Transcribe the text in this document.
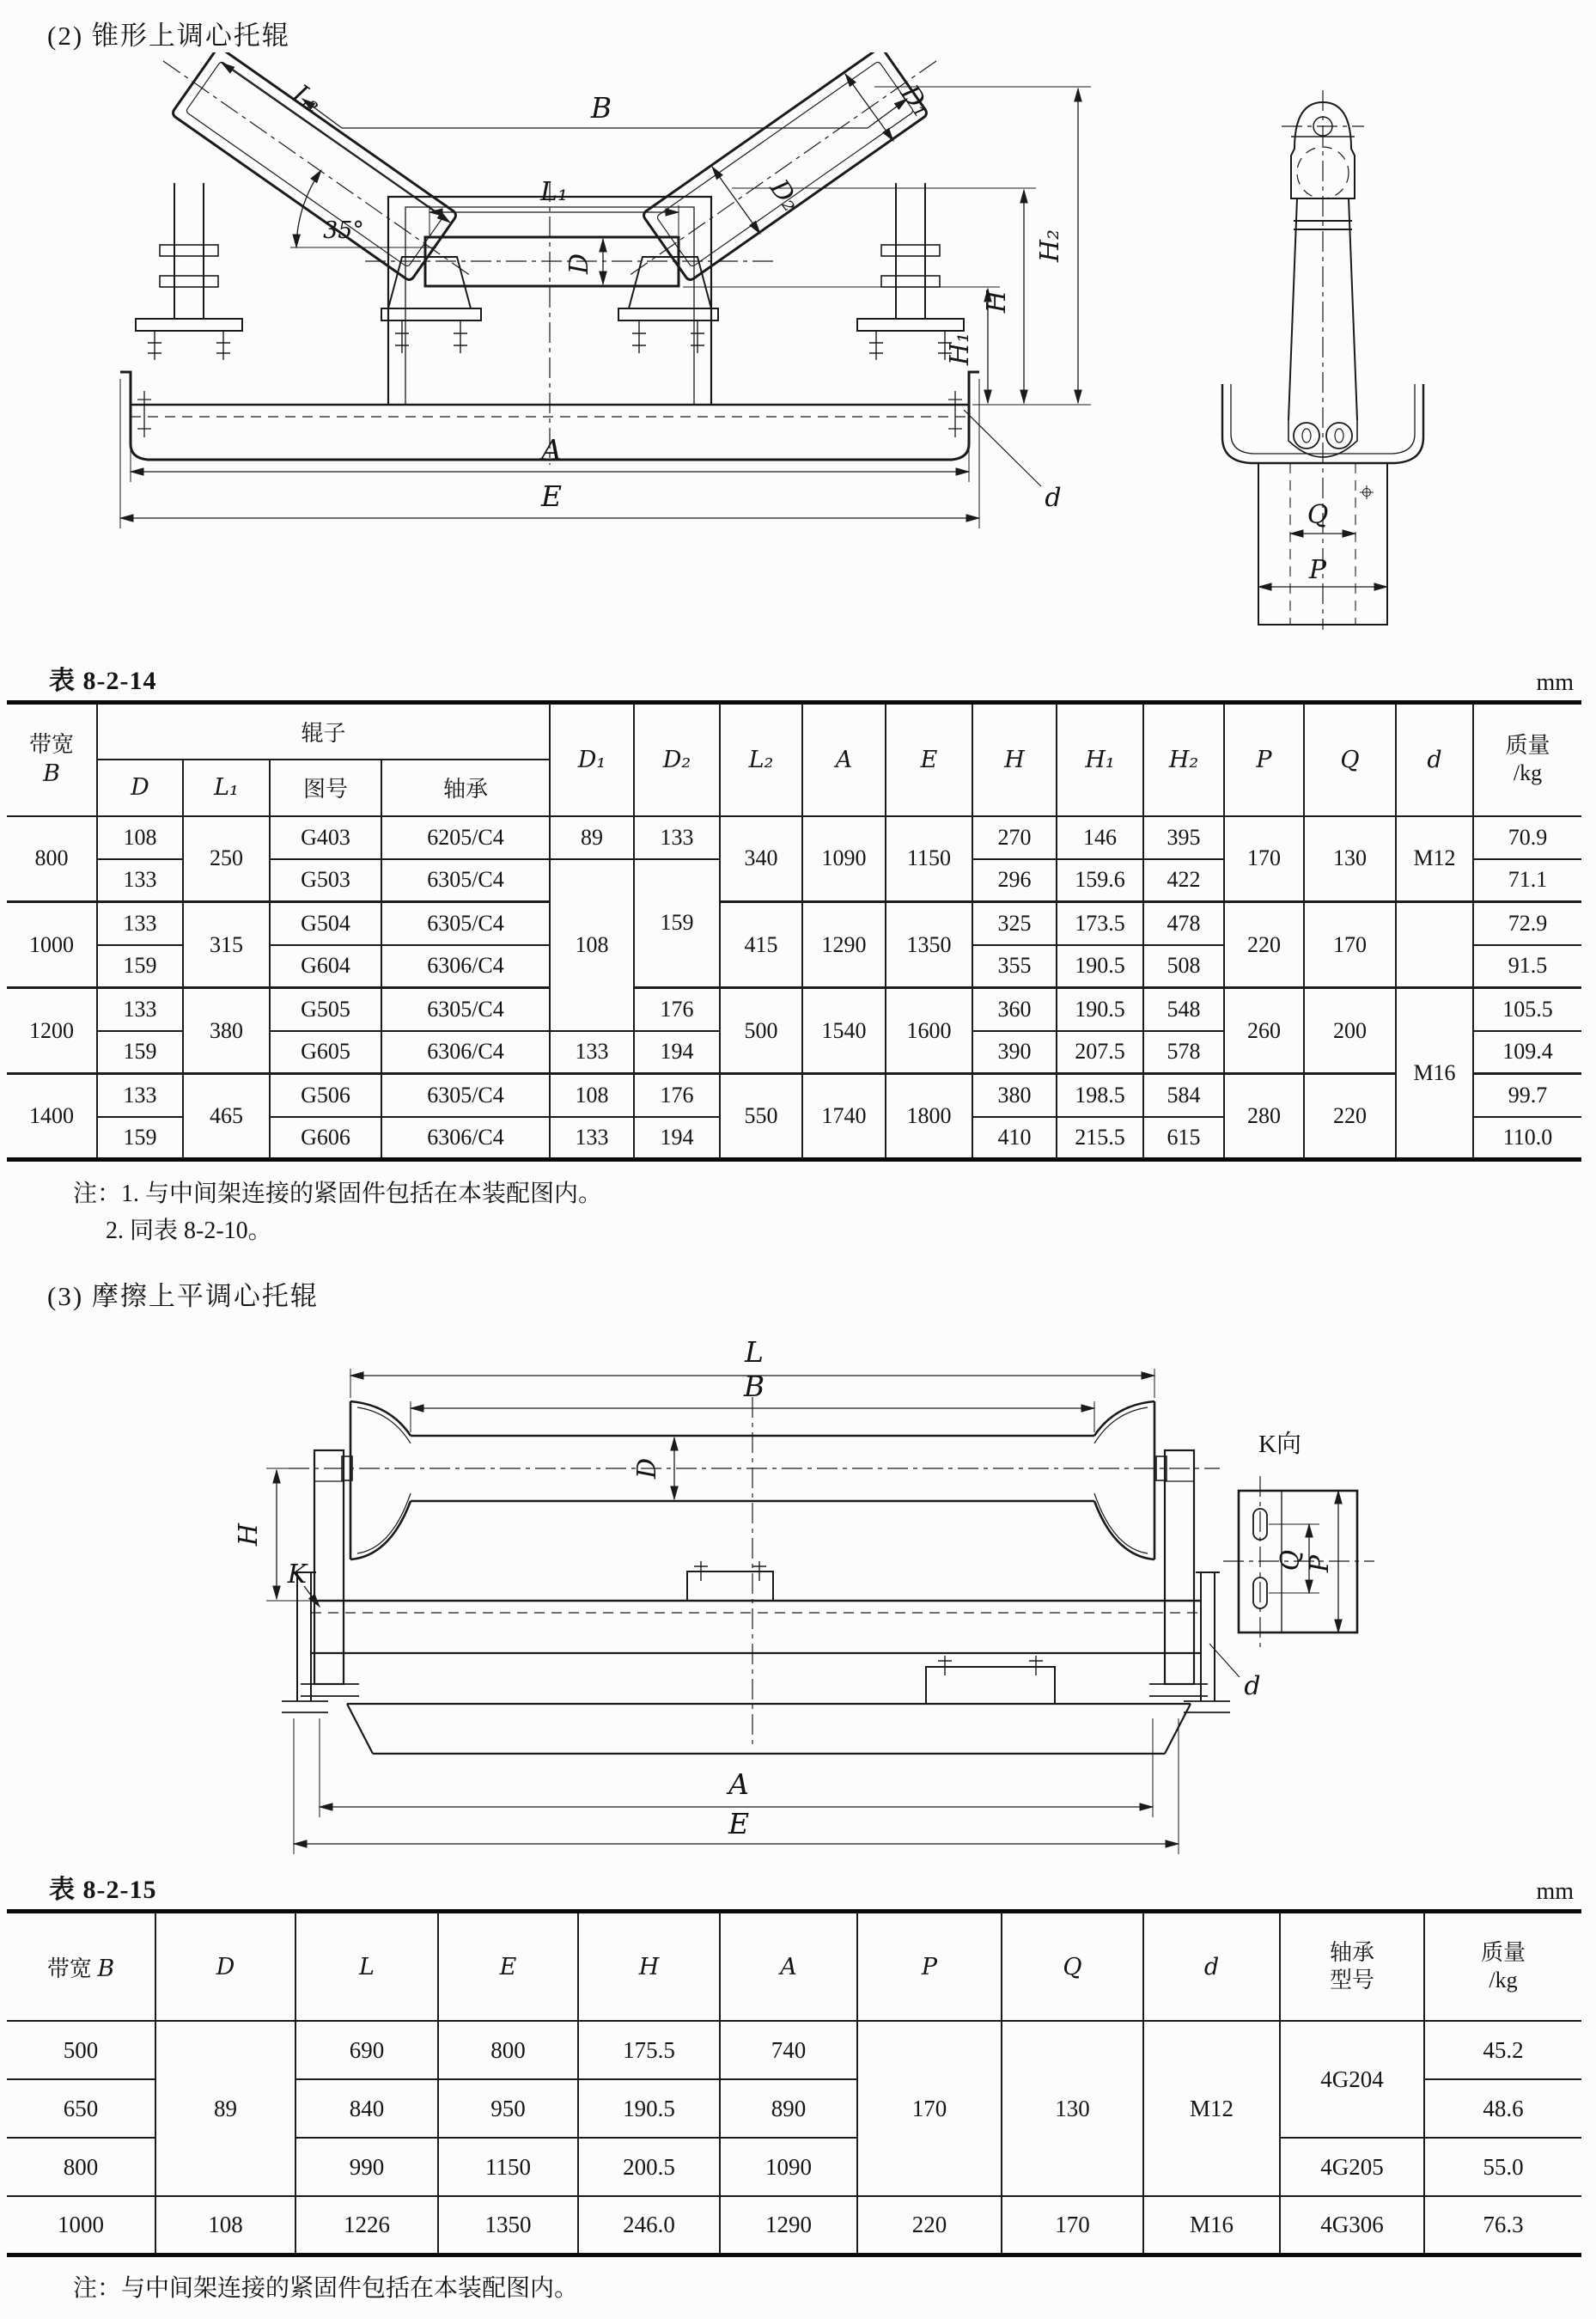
(2) 锥形上调心托辊
B
L₁
L₂
35°
D
D₁
D₂
H₂
H
H₁
A
E	d
Q
P
表 8-2-14	mm
带宽
B
	辊子	D₁	D₂	L₂	A	E	H	H₁	H₂	P	Q	d	
质量
/kg

	D	L₁	图号	轴承												
800	108	250	G403	6205/C4	89	133	340	1090	1150	270	146	395	170	130	M12	70.9
	133		G503	6305/C4	108	159				296	159.6	422				71.1
1000	133	315	G504	6305/C4			415	1290	1350	325	173.5	478	220	170		72.9
	159		G604	6306/C4						355	190.5	508				91.5
1200	133	380	G505	6305/C4		176	500	1540	1600	360	190.5	548	260	200	M16	105.5
	159		G605	6306/C4	133	194				390	207.5	578				109.4
1400	133	465	G506	6305/C4	108	176	550	1740	1800	380	198.5	584	280	220		99.7
	159		G606	6306/C4	133	194				410	215.5	615				110.0
注：1. 与中间架连接的紧固件包括在本装配图内。
2. 同表 8-2-10。
(3) 摩擦上平调心托辊
L
B
D
H
K
A
E
d
K向
Q P
表 8-2-15	mm
带宽 B	D	L	E	H	A	P	Q	d	
轴承
型号

质量
/kg

500	89	690	800	175.5	740	170	130	M12	4G204	45.2
650		840	950	190.5	890					48.6
800		990	1150	200.5	1090				4G205	55.0
1000	108	1226	1350	246.0	1290	220	170	M16	4G306	76.3
注：与中间架连接的紧固件包括在本装配图内。
